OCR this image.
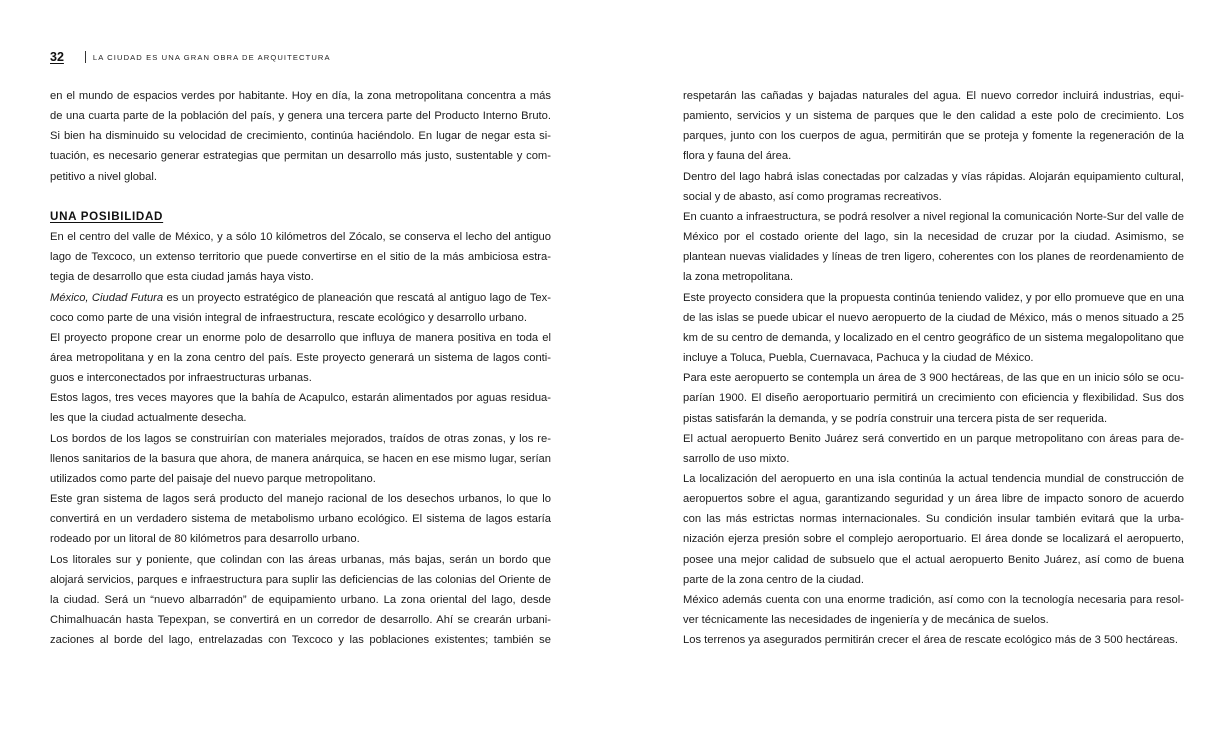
32	LA CIUDAD ES UNA GRAN OBRA DE ARQUITECTURA

en el mundo de espacios verdes por habitante. Hoy en día, la zona metropolitana concentra a más de una cuarta parte de la población del país, y genera una tercera parte del Producto Interno Bruto. Si bien ha disminuido su velocidad de crecimiento, continúa haciéndolo. En lugar de negar esta situación, es necesario generar estrategias que permitan un desarrollo más justo, sustentable y competitivo a nivel global.

UNA POSIBILIDAD

En el centro del valle de México, y a sólo 10 kilómetros del Zócalo, se conserva el lecho del antiguo lago de Texcoco, un extenso territorio que puede convertirse en el sitio de la más ambiciosa estrategia de desarrollo que esta ciudad jamás haya visto.

México, Ciudad Futura es un proyecto estratégico de planeación que rescatá al antiguo lago de Texcoco como parte de una visión integral de infraestructura, rescate ecológico y desarrollo urbano.

El proyecto propone crear un enorme polo de desarrollo que influya de manera positiva en toda el área metropolitana y en la zona centro del país. Este proyecto generará un sistema de lagos contiguos e interconectados por infraestructuras urbanas.

Estos lagos, tres veces mayores que la bahía de Acapulco, estarán alimentados por aguas residuales que la ciudad actualmente desecha.

Los bordos de los lagos se construirían con materiales mejorados, traídos de otras zonas, y los rellenos sanitarios de la basura que ahora, de manera anárquica, se hacen en ese mismo lugar, serían utilizados como parte del paisaje del nuevo parque metropolitano.

Este gran sistema de lagos será producto del manejo racional de los desechos urbanos, lo que lo convertirá en un verdadero sistema de metabolismo urbano ecológico. El sistema de lagos estaría rodeado por un litoral de 80 kilómetros para desarrollo urbano.

Los litorales sur y poniente, que colindan con las áreas urbanas, más bajas, serán un bordo que alojará servicios, parques e infraestructura para suplir las deficiencias de las colonias del Oriente de la ciudad. Será un “nuevo albarradón” de equipamiento urbano. La zona oriental del lago, desde Chimalhuacán hasta Tepexpan, se convertirá en un corredor de desarrollo. Ahí se crearán urbanizaciones al borde del lago, entrelazadas con Texcoco y las poblaciones existentes; también se

respetarán las cañadas y bajadas naturales del agua. El nuevo corredor incluirá industrias, equipamiento, servicios y un sistema de parques que le den calidad a este polo de crecimiento. Los parques, junto con los cuerpos de agua, permitirán que se proteja y fomente la regeneración de la flora y fauna del área.

Dentro del lago habrá islas conectadas por calzadas y vías rápidas. Alojarán equipamiento cultural, social y de abasto, así como programas recreativos.

En cuanto a infraestructura, se podrá resolver a nivel regional la comunicación Norte-Sur del valle de México por el costado oriente del lago, sin la necesidad de cruzar por la ciudad. Asimismo, se plantean nuevas vialidades y líneas de tren ligero, coherentes con los planes de reordenamiento de la zona metropolitana.

Este proyecto considera que la propuesta continúa teniendo validez, y por ello promueve que en una de las islas se puede ubicar el nuevo aeropuerto de la ciudad de México, más o menos situado a 25 km de su centro de demanda, y localizado en el centro geográfico de un sistema megalopolitano que incluye a Toluca, Puebla, Cuernavaca, Pachuca y la ciudad de México.

Para este aeropuerto se contempla un área de 3 900 hectáreas, de las que en un inicio sólo se ocuparían 1900. El diseño aeroportuario permitirá un crecimiento con eficiencia y flexibilidad. Sus dos pistas satisfarán la demanda, y se podría construir una tercera pista de ser requerida.

El actual aeropuerto Benito Juárez será convertido en un parque metropolitano con áreas para desarrollo de uso mixto.

La localización del aeropuerto en una isla continúa la actual tendencia mundial de construcción de aeropuertos sobre el agua, garantizando seguridad y un área libre de impacto sonoro de acuerdo con las más estrictas normas internacionales. Su condición insular también evitará que la urbanización ejerza presión sobre el complejo aeroportuario. El área donde se localizará el aeropuerto, posee una mejor calidad de subsuelo que el actual aeropuerto Benito Juárez, así como de buena parte de la zona centro de la ciudad.

México además cuenta con una enorme tradición, así como con la tecnología necesaria para resolver técnicamente las necesidades de ingeniería y de mecánica de suelos.

Los terrenos ya asegurados permitirán crecer el área de rescate ecológico más de 3 500 hectáreas.
